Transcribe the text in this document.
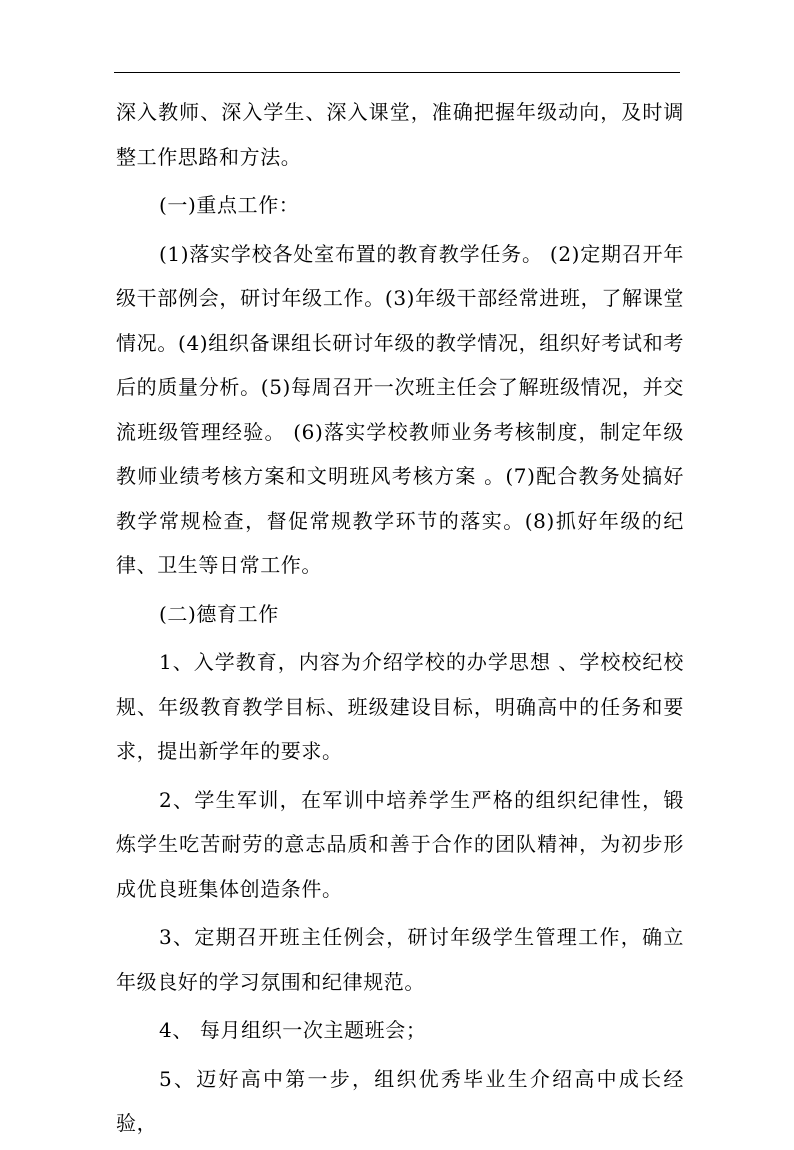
深入教师、深入学生、深入课堂，准确把握年级动向，及时调整工作思路和方法。

(一)重点工作：

(1)落实学校各处室布置的教育教学任务。 (2)定期召开年级干部例会，研讨年级工作。(3)年级干部经常进班，了解课堂情况。(4)组织备课组长研讨年级的教学情况，组织好考试和考后的质量分析。(5)每周召开一次班主任会了解班级情况，并交流班级管理经验。 (6)落实学校教师业务考核制度，制定年级教师业绩考核方案和文明班风考核方案 。(7)配合教务处搞好教学常规检查，督促常规教学环节的落实。(8)抓好年级的纪律、卫生等日常工作。

(二)德育工作

1、入学教育，内容为介绍学校的办学思想 、学校校纪校规、年级教育教学目标、班级建设目标，明确高中的任务和要求，提出新学年的要求。

2、学生军训，在军训中培养学生严格的组织纪律性，锻炼学生吃苦耐劳的意志品质和善于合作的团队精神，为初步形成优良班集体创造条件。

3、定期召开班主任例会，研讨年级学生管理工作，确立年级良好的学习氛围和纪律规范。

4、 每月组织一次主题班会；

5、迈好高中第一步，组织优秀毕业生介绍高中成长经验，
